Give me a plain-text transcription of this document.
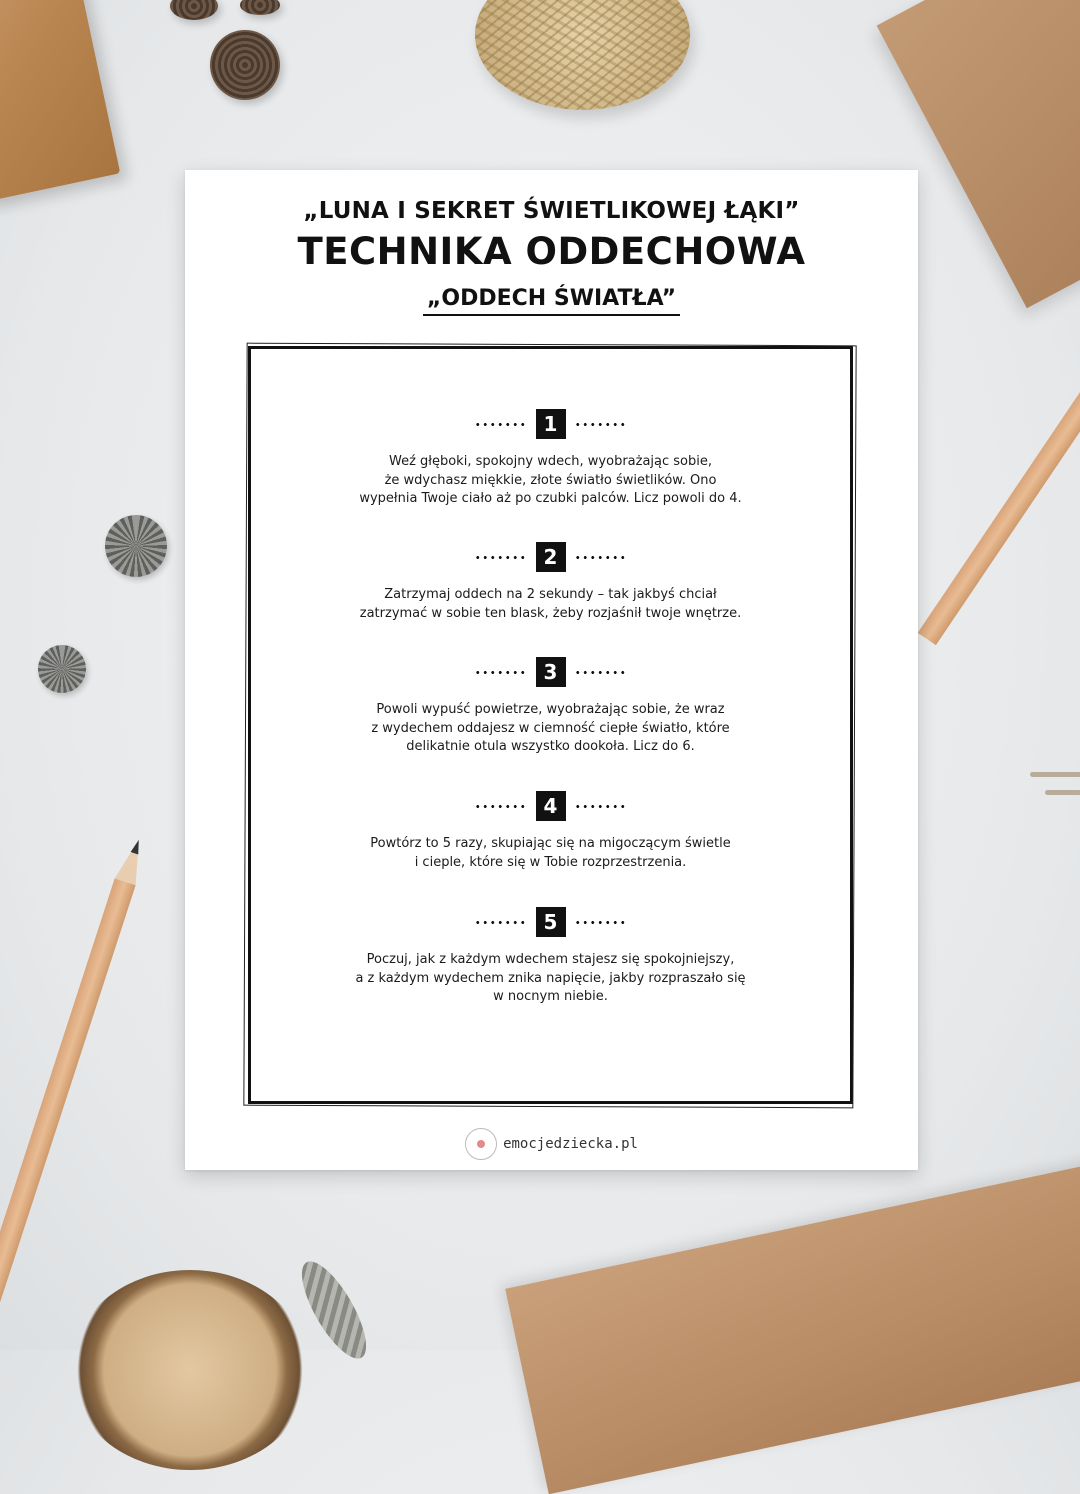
„LUNA I SEKRET ŚWIETLIKOWEJ ŁĄKI”
TECHNIKA ODDECHOWA
„ODDECH ŚWIATŁA”
1
Weź głęboki, spokojny wdech, wyobrażając sobie,
że wdychasz miękkie, złote światło świetlików. Ono
wypełnia Twoje ciało aż po czubki palców. Licz powoli do 4.
2
Zatrzymaj oddech na 2 sekundy – tak jakbyś chciał
zatrzymać w sobie ten blask, żeby rozjaśnił twoje wnętrze.
3
Powoli wypuść powietrze, wyobrażając sobie, że wraz
z wydechem oddajesz w ciemność ciepłe światło, które
delikatnie otula wszystko dookoła. Licz do 6.
4
Powtórz to 5 razy, skupiając się na migoczącym świetle
i cieple, które się w Tobie rozprzestrzenia.
5
Poczuj, jak z każdym wdechem stajesz się spokojniejszy,
a z każdym wydechem znika napięcie, jakby rozpraszało się
w nocnym niebie.
emocjedziecka.pl
